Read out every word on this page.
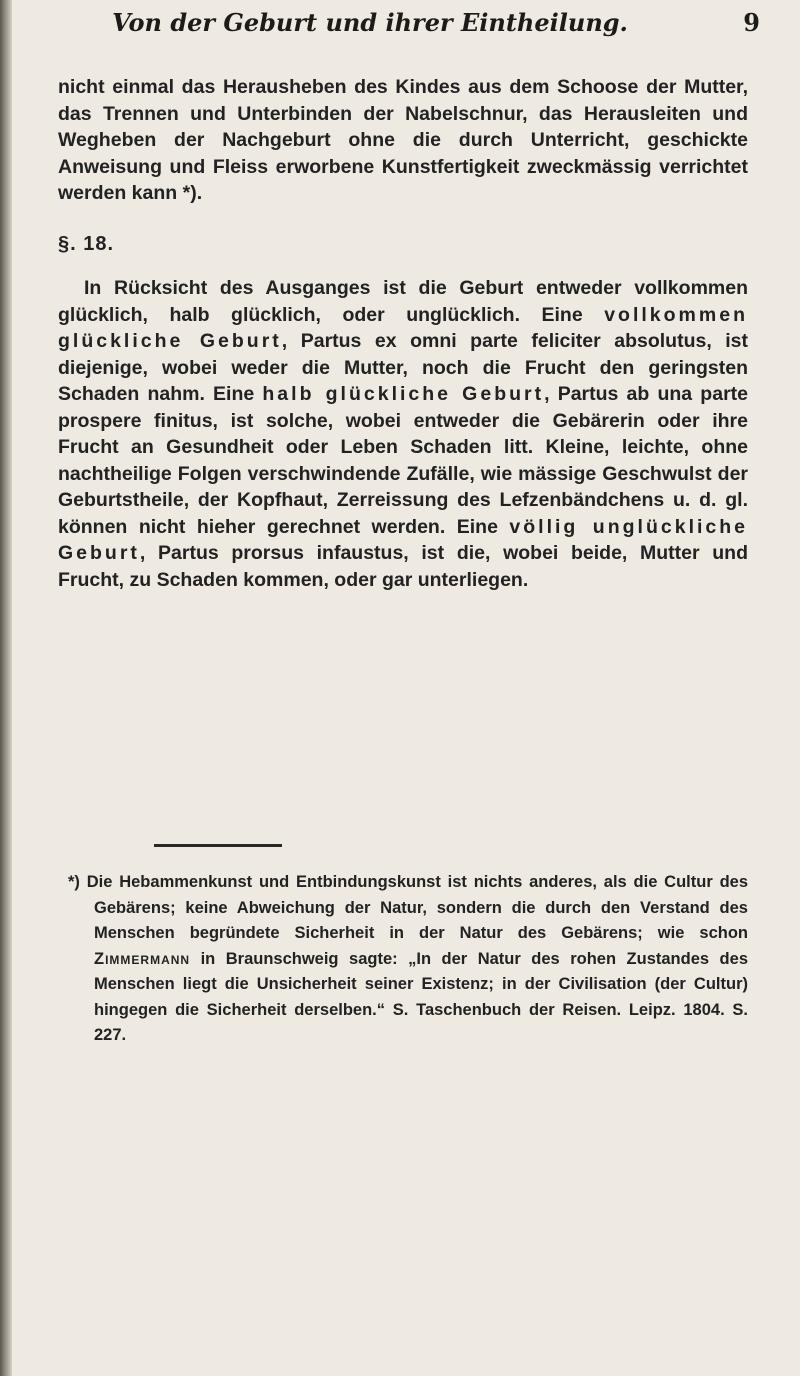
Von der Geburt und ihrer Eintheilung.	9

nicht einmal das Herausheben des Kindes aus dem Schoose der Mutter, das Trennen und Unterbinden der Nabelschnur, das Herausleiten und Wegheben der Nachgeburt ohne die durch Unterricht, geschickte Anweisung und Fleiss erworbene Kunstfertigkeit zweckmässig verrichtet werden kann *).

§. 18.

In Rücksicht des Ausganges ist die Geburt entweder vollkommen glücklich, halb glücklich, oder unglücklich. Eine vollkommen glückliche Geburt, Partus ex omni parte feliciter absolutus, ist diejenige, wobei weder die Mutter, noch die Frucht den geringsten Schaden nahm. Eine halb glückliche Geburt, Partus ab una parte prospere finitus, ist solche, wobei entweder die Gebärerin oder ihre Frucht an Gesundheit oder Leben Schaden litt. Kleine, leichte, ohne nachtheilige Folgen verschwindende Zufälle, wie mässige Geschwulst der Geburtstheile, der Kopfhaut, Zerreissung des Lefzenbändchens u. d. gl. können nicht hieher gerechnet werden. Eine völlig unglückliche Geburt, Partus prorsus infaustus, ist die, wobei beide, Mutter und Frucht, zu Schaden kommen, oder gar unterliegen.

*) Die Hebammenkunst und Entbindungskunst ist nichts anderes, als die Cultur des Gebärens; keine Abweichung der Natur, sondern die durch den Verstand des Menschen begründete Sicherheit in der Natur des Gebärens; wie schon Zimmermann in Braunschweig sagte: „In der Natur des rohen Zustandes des Menschen liegt die Unsicherheit seiner Existenz; in der Civilisation (der Cultur) hingegen die Sicherheit derselben.“ S. Taschenbuch der Reisen. Leipz. 1804. S. 227.
